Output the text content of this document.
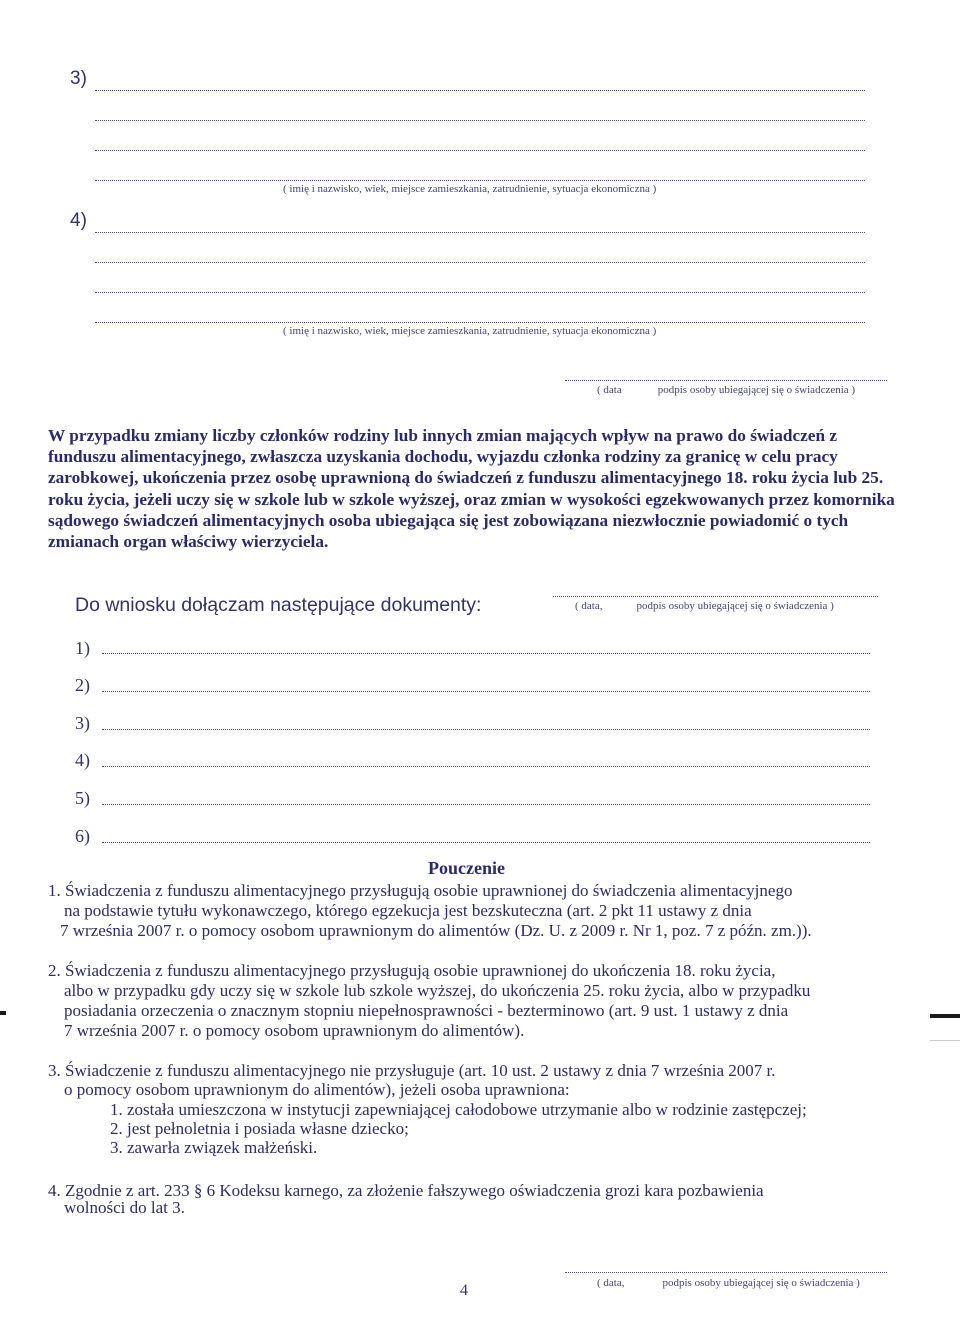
3)
( imię i nazwisko, wiek, miejsce zamieszkania, zatrudnienie, sytuacja ekonomiczna )
4)
( imię i nazwisko, wiek, miejsce zamieszkania, zatrudnienie, sytuacja ekonomiczna )
( data	podpis osoby ubiegającej się o świadczenia )
W przypadku zmiany liczby członków rodziny lub innych zmian mających wpływ na prawo do świadczeń z funduszu alimentacyjnego, zwłaszcza uzyskania dochodu, wyjazdu członka rodziny za granicę w celu pracy zarobkowej, ukończenia przez osobę uprawnioną do świadczeń z funduszu alimentacyjnego 18. roku życia lub 25. roku życia, jeżeli uczy się w szkole lub w szkole wyższej, oraz zmian w wysokości egzekwowanych przez komornika sądowego świadczeń alimentacyjnych osoba ubiegająca się jest zobowiązana niezwłocznie powiadomić o tych zmianach organ właściwy wierzyciela.
Do wniosku dołączam następujące dokumenty:	( data,	podpis osoby ubiegającej się o świadczenia )
1)
2)
3)
4)
5)
6)
Pouczenie
1. Świadczenia z funduszu alimentacyjnego przysługują osobie uprawnionej do świadczenia alimentacyjnego
na podstawie tytułu wykonawczego, którego egzekucja jest bezskuteczna (art. 2 pkt 11 ustawy z dnia
7 września 2007 r. o pomocy osobom uprawnionym do alimentów (Dz. U. z 2009 r. Nr 1, poz. 7 z późn. zm.)).
2. Świadczenia z funduszu alimentacyjnego przysługują osobie uprawnionej do ukończenia 18. roku życia,
albo w przypadku gdy uczy się w szkole lub szkole wyższej, do ukończenia 25. roku życia, albo w przypadku
posiadania orzeczenia o znacznym stopniu niepełnosprawności - bezterminowo (art. 9 ust. 1 ustawy z dnia
7 września 2007 r. o pomocy osobom uprawnionym do alimentów).
3. Świadczenie z funduszu alimentacyjnego nie przysługuje (art. 10 ust. 2 ustawy z dnia 7 września 2007 r.
o pomocy osobom uprawnionym do alimentów), jeżeli osoba uprawniona:
1. została umieszczona w instytucji zapewniającej całodobowe utrzymanie albo w rodzinie zastępczej;
2. jest pełnoletnia i posiada własne dziecko;
3. zawarła związek małżeński.
4. Zgodnie z art. 233 § 6 Kodeksu karnego, za złożenie fałszywego oświadczenia grozi kara pozbawienia
wolności do lat 3.
( data,	podpis osoby ubiegającej się o świadczenia )
4
